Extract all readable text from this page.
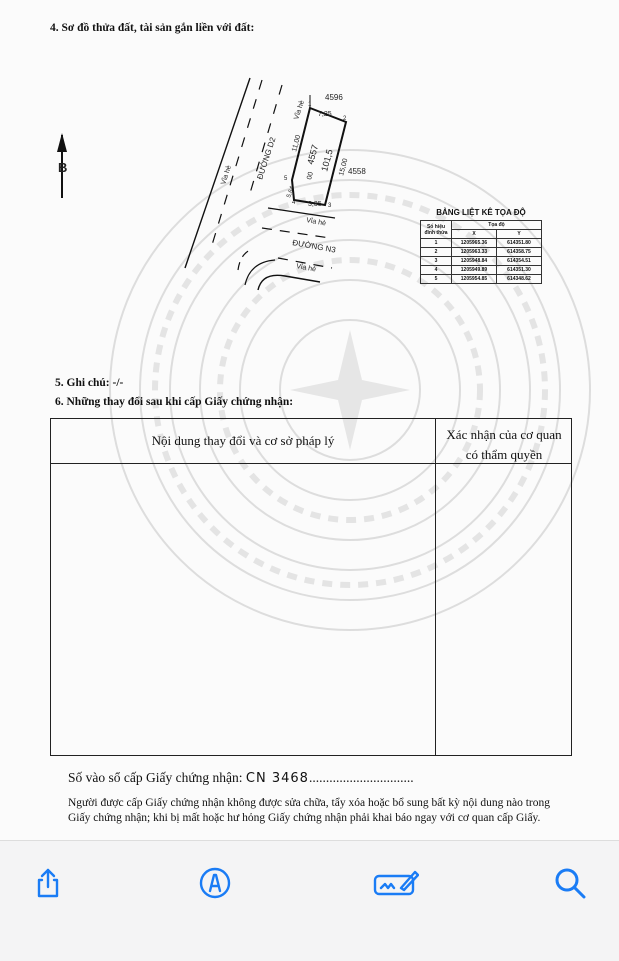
4. Sơ đồ thửa đất, tài sản gắn liền với đất:

B
Vỉa hè
ĐƯỜNG D2
Vỉa hè
ĐƯỜNG N3
Vỉa hè
Vỉa hè
4596
4558
4557 101,5
00
7,25
11,00
15,00
3,35
5,64
1
2
3
4
5
BẢNG LIỆT KÊ TỌA ĐỘ
Số hiệu đỉnh thửa	Tọa độ	
	X	Y
1	1205965.36	614351.80
2	1205963.33	614358.75
3	1205948.84	614354.51
4	1205949.89	614351.30
5	1205954.85	614348.62

5. Ghi chú: -/-

6. Những thay đổi sau khi cấp Giấy chứng nhận:

Nội dung thay đổi và cơ sở pháp lý	Xác nhận của cơ quan
có thẩm quyền
Số vào sổ cấp Giấy chứng nhận: CN 3468...............................
Người được cấp Giấy chứng nhận không được sửa chữa, tẩy xóa hoặc bổ sung bất kỳ nội dung nào trong Giấy chứng nhận; khi bị mất hoặc hư hỏng Giấy chứng nhận phải khai báo ngay với cơ quan cấp Giấy.
